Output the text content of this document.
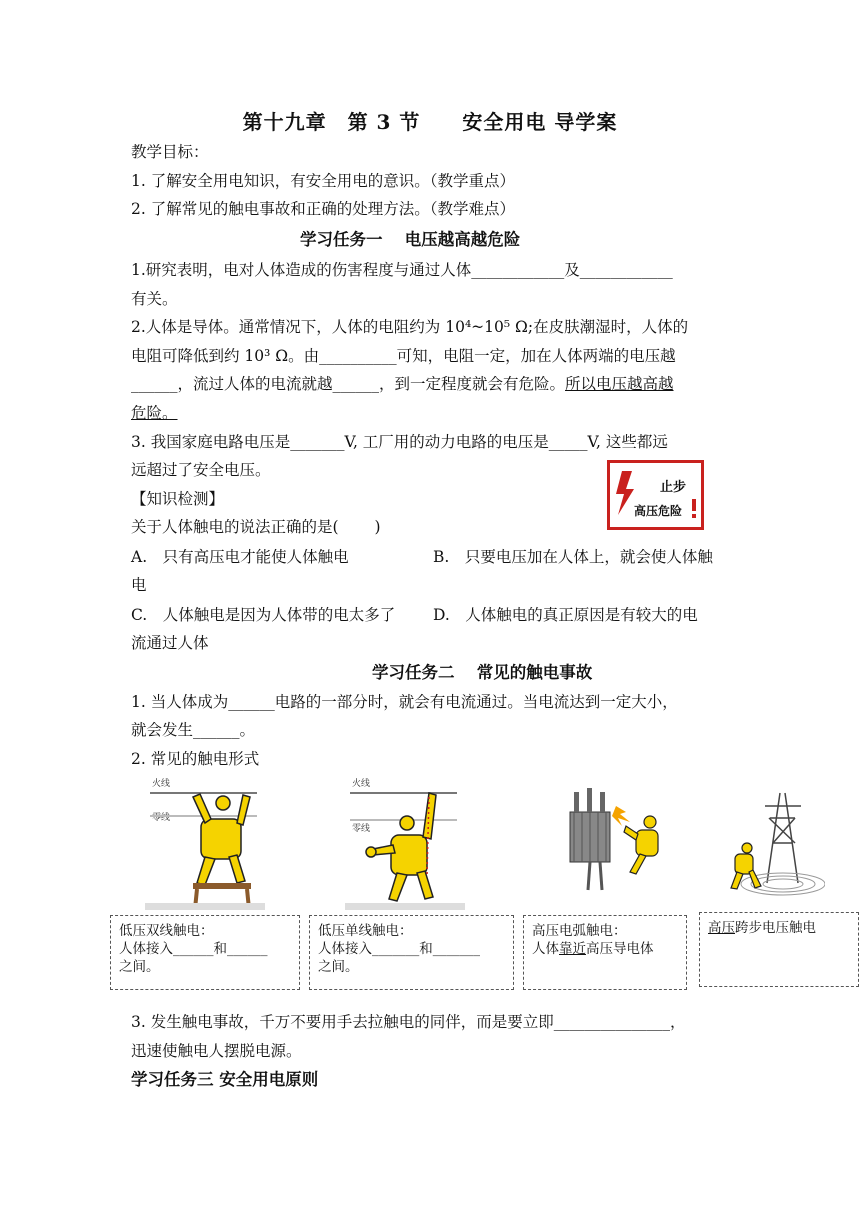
第十九章　第 3 节　　安全用电 导学案
教学目标：
1. 了解安全用电知识，有安全用电的意识。（教学重点）
2. 了解常见的触电事故和正确的处理方法。（教学难点）
学习任务一　 电压越高越危险
1.研究表明，电对人体造成的伤害程度与通过人体____________及____________
有关。
2.人体是导体。通常情况下，人体的电阻约为 10⁴~10⁵ Ω;在皮肤潮湿时，人体的
电阻可降低到约 10³ Ω。由__________可知，电阻一定，加在人体两端的电压越
______，流过人体的电流就越______，到一定程度就会有危险。所以电压越高越
危险。
3. 我国家庭电路电压是_______V, 工厂用的动力电路的电压是_____V, 这些都远
远超过了安全电压。
止步
高压危险
【知识检测】
关于人体触电的说法正确的是(　　 )
A.　只有高压电才能使人体触电	B.　只要电压加在人体上，就会使人体触
电
C.　人体触电是因为人体带的电太多了 D.　人体触电的真正原因是有较大的电
流通过人体
学习任务二　 常见的触电事故
1. 当人体成为______电路的一部分时，就会有电流通过。当电流达到一定大小，
就会发生______。
2. 常见的触电形式
火线
零线
火线
零线
低压双线触电：
人体接入______和______
之间。
低压单线触电：
人体接入_______和_______
之间。
高压电弧触电：
人体靠近高压导电体
高压跨步电压触电
3. 发生触电事故，千万不要用手去拉触电的同伴，而是要立即_______________，
迅速使触电人摆脱电源。
学习任务三 安全用电原则
